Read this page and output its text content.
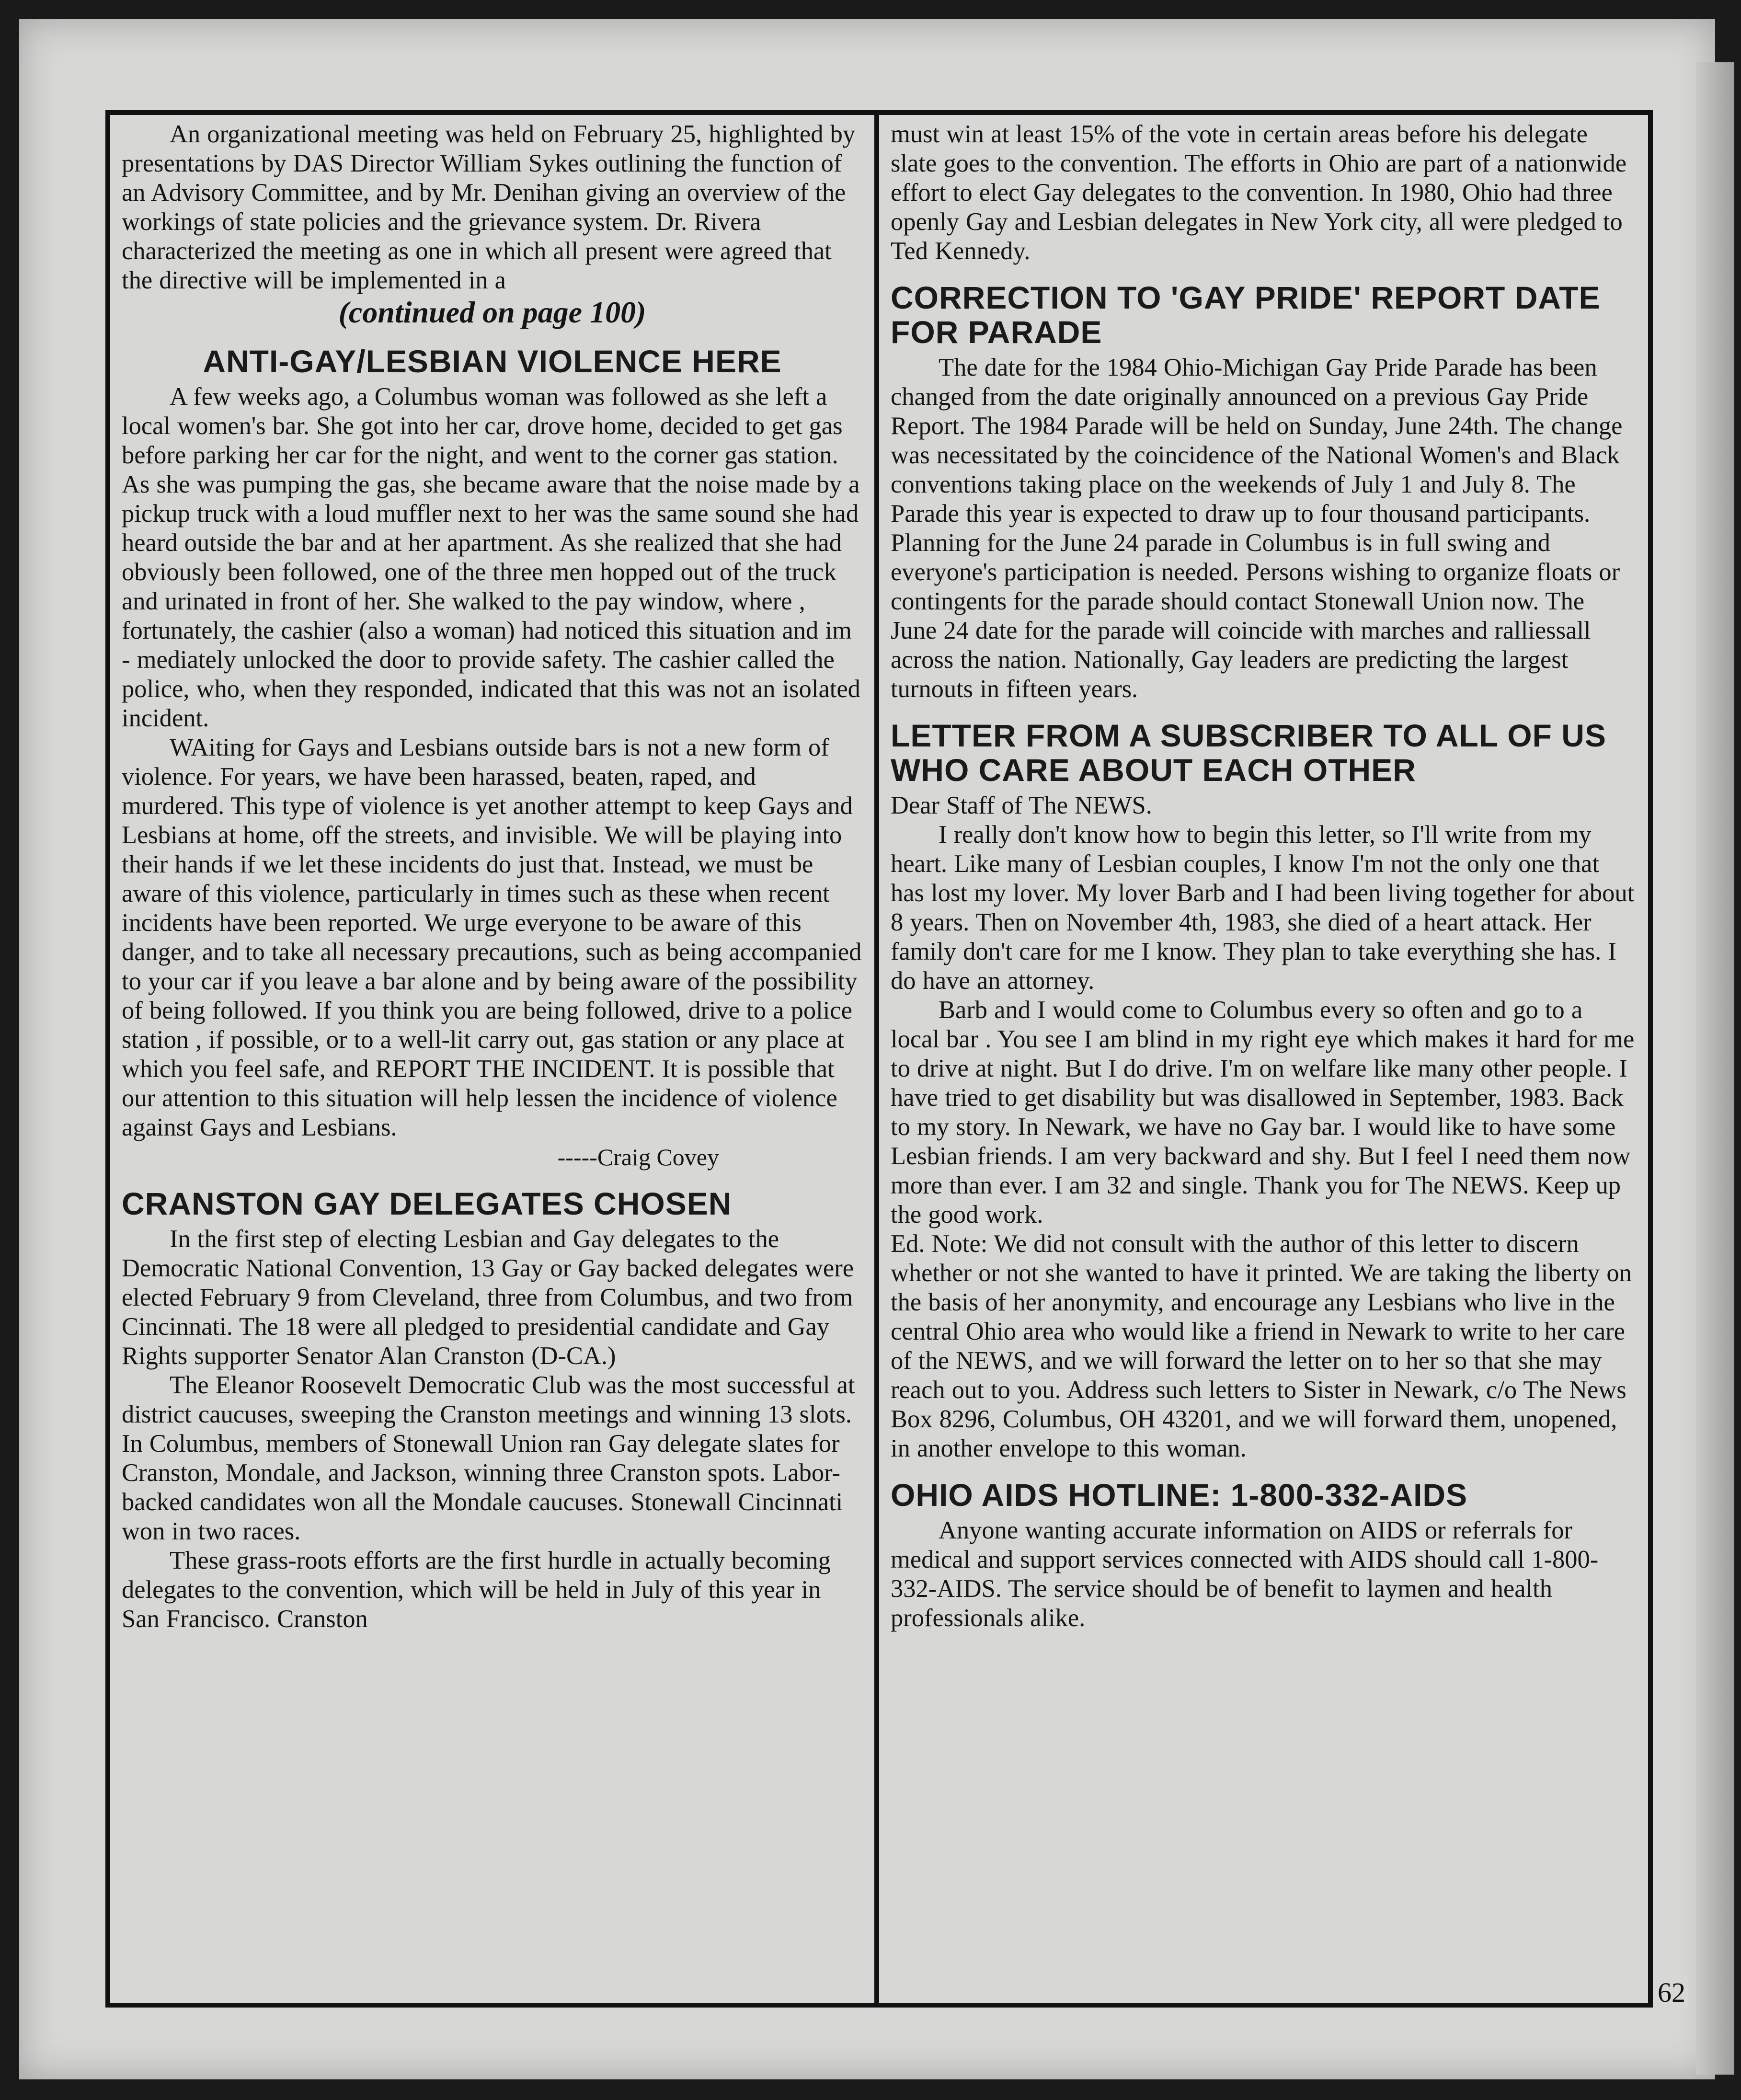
An organizational meeting was held on February 25, highlighted by presentations by DAS Director William Sykes outlining the function of an Advisory Committee, and by Mr. Denihan giving an overview of the workings of state policies and the grievance system. Dr. Rivera characterized the meeting as one in which all present were agreed that the directive will be implemented in a

(continued on page 100)
ANTI-GAY/LESBIAN VIOLENCE HERE

A few weeks ago, a Columbus woman was followed as she left a local women's bar. She got into her car, drove home, decided to get gas before parking her car for the night, and went to the corner gas station. As she was pumping the gas, she became aware that the noise made by a pickup truck with a loud muffler next to her was the same sound she had heard outside the bar and at her apartment. As she realized that she had obviously been followed, one of the three men hopped out of the truck and urinated in front of her. She walked to the pay window, where , fortunately, the cashier (also a woman) had noticed this situation and im - mediately unlocked the door to provide safety. The cashier called the police, who, when they responded, indicated that this was not an isolated incident.

WAiting for Gays and Lesbians outside bars is not a new form of violence. For years, we have been harassed, beaten, raped, and murdered. This type of violence is yet another attempt to keep Gays and Lesbians at home, off the streets, and invisible. We will be playing into their hands if we let these incidents do just that. Instead, we must be aware of this violence, particularly in times such as these when recent incidents have been reported. We urge everyone to be aware of this danger, and to take all necessary precautions, such as being accompanied to your car if you leave a bar alone and by being aware of the possibility of being followed. If you think you are being followed, drive to a police station , if possible, or to a well-lit carry out, gas station or any place at which you feel safe, and REPORT THE INCIDENT. It is possible that our attention to this situation will help lessen the incidence of violence against Gays and Lesbians.

-----Craig Covey
CRANSTON GAY DELEGATES CHOSEN

In the first step of electing Lesbian and Gay delegates to the Democratic National Convention, 13 Gay or Gay backed delegates were elected February 9 from Cleveland, three from Columbus, and two from Cincinnati. The 18 were all pledged to presidential candidate and Gay Rights supporter Senator Alan Cranston (D-CA.)

The Eleanor Roosevelt Democratic Club was the most successful at district caucuses, sweeping the Cranston meetings and winning 13 slots. In Columbus, members of Stonewall Union ran Gay delegate slates for Cranston, Mondale, and Jackson, winning three Cranston spots. Labor-backed candidates won all the Mondale caucuses. Stonewall Cincinnati won in two races.

These grass-roots efforts are the first hurdle in actually becoming delegates to the convention, which will be held in July of this year in San Francisco. Cranston

must win at least 15% of the vote in certain areas before his delegate slate goes to the convention. The efforts in Ohio are part of a nationwide effort to elect Gay delegates to the convention. In 1980, Ohio had three openly Gay and Lesbian delegates in New York city, all were pledged to Ted Kennedy.

CORRECTION TO 'GAY PRIDE' REPORT DATE FOR PARADE

The date for the 1984 Ohio-Michigan Gay Pride Parade has been changed from the date originally announced on a previous Gay Pride Report. The 1984 Parade will be held on Sunday, June 24th. The change was necessitated by the coincidence of the National Women's and Black conventions taking place on the weekends of July 1 and July 8. The Parade this year is expected to draw up to four thousand participants. Planning for the June 24 parade in Columbus is in full swing and everyone's participation is needed. Persons wishing to organize floats or contingents for the parade should contact Stonewall Union now. The June 24 date for the parade will coincide with marches and ralliessall across the nation. Nationally, Gay leaders are predicting the largest turnouts in fifteen years.

LETTER FROM A SUBSCRIBER TO ALL OF US WHO CARE ABOUT EACH OTHER

Dear Staff of The NEWS.

I really don't know how to begin this letter, so I'll write from my heart. Like many of Lesbian couples, I know I'm not the only one that has lost my lover. My lover Barb and I had been living together for about 8 years. Then on November 4th, 1983, she died of a heart attack. Her family don't care for me I know. They plan to take everything she has. I do have an attorney.

Barb and I would come to Columbus every so often and go to a local bar . You see I am blind in my right eye which makes it hard for me to drive at night. But I do drive. I'm on welfare like many other people. I have tried to get disability but was disallowed in September, 1983. Back to my story. In Newark, we have no Gay bar. I would like to have some Lesbian friends. I am very backward and shy. But I feel I need them now more than ever. I am 32 and single. Thank you for The NEWS. Keep up the good work.

Ed. Note: We did not consult with the author of this letter to discern whether or not she wanted to have it printed. We are taking the liberty on the basis of her anonymity, and encourage any Lesbians who live in the central Ohio area who would like a friend in Newark to write to her care of the NEWS, and we will forward the letter on to her so that she may reach out to you. Address such letters to Sister in Newark, c/o The News Box 8296, Columbus, OH 43201, and we will forward them, unopened, in another envelope to this woman.

OHIO AIDS HOTLINE: 1-800-332-AIDS

Anyone wanting accurate information on AIDS or referrals for medical and support services connected with AIDS should call 1-800-332-AIDS. The service should be of benefit to laymen and health professionals alike.

62
